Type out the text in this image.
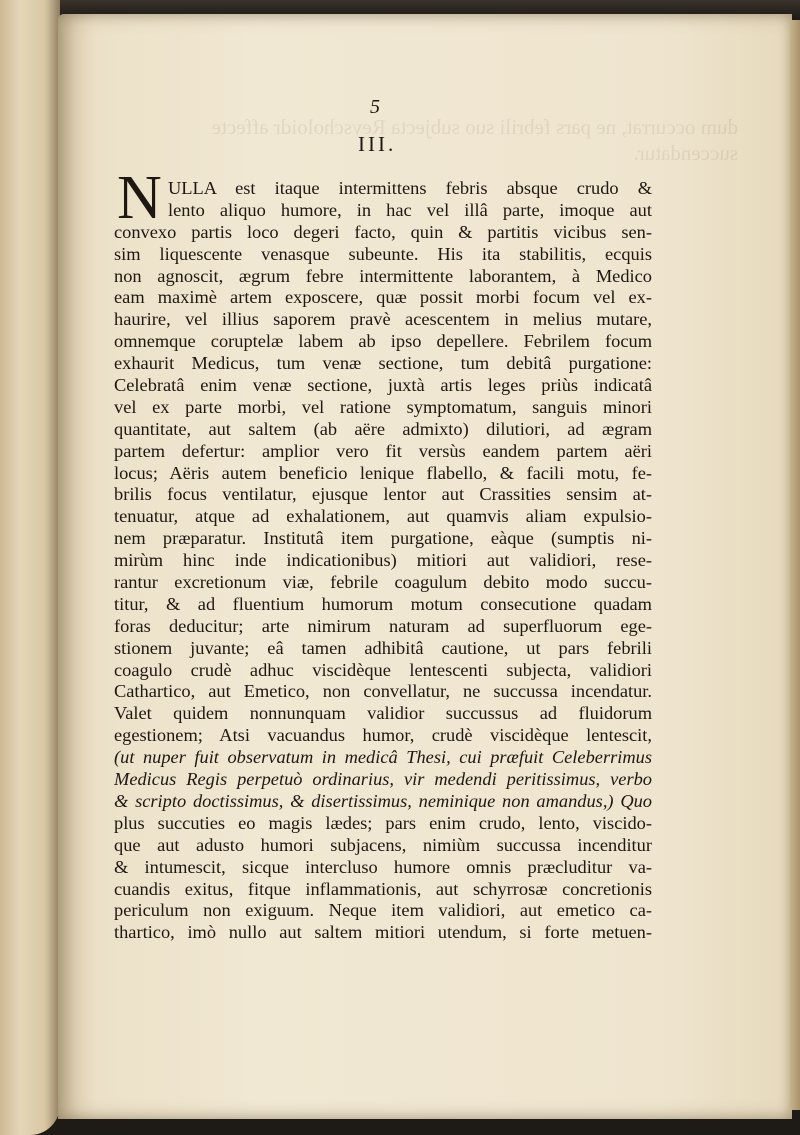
dum occurrat, ne pars febrili suo subjecta Reyscholoidr affecte
succendatur.
5
III.
N ULLA est itaque intermittens febris absque crudo &
lento aliquo humore, in hac vel illâ parte, imoque aut
convexo partis loco degeri facto, quin & partitis vicibus sen-
sim liquescente venasque subeunte. His ita stabilitis, ecquis
non agnoscit, ægrum febre intermittente laborantem, à Medico
eam maximè artem exposcere, quæ possit morbi focum vel ex-
haurire, vel illius saporem pravè acescentem in melius mutare,
omnemque coruptelæ labem ab ipso depellere. Febrilem focum
exhaurit Medicus, tum venæ sectione, tum debitâ purgatione:
Celebratâ enim venæ sectione, juxtà artis leges priùs indicatâ
vel ex parte morbi, vel ratione symptomatum, sanguis minori
quantitate, aut saltem (ab aëre admixto) dilutiori, ad ægram
partem defertur: amplior vero fit versùs eandem partem aëri
locus; Aëris autem beneficio lenique flabello, & facili motu, fe-
brilis focus ventilatur, ejusque lentor aut Crassities sensim at-
tenuatur, atque ad exhalationem, aut quamvis aliam expulsio-
nem præparatur. Institutâ item purgatione, eàque (sumptis ni-
mirùm hinc inde indicationibus) mitiori aut validiori, rese-
rantur excretionum viæ, febrile coagulum debito modo succu-
titur, & ad fluentium humorum motum consecutione quadam
foras deducitur; arte nimirum naturam ad superfluorum ege-
stionem juvante; eâ tamen adhibitâ cautione, ut pars febrili
coagulo crudè adhuc viscidèque lentescenti subjecta, validiori
Cathartico, aut Emetico, non convellatur, ne succussa incendatur.
Valet quidem nonnunquam validior succussus ad fluidorum
egestionem; Atsi vacuandus humor, crudè viscidèque lentescit,
(ut nuper fuit observatum in medicâ Thesi, cui præfuit Celeberrimus
Medicus Regis perpetuò ordinarius, vir medendi peritissimus, verbo
& scripto doctissimus, & disertissimus, neminique non amandus,) Quo
plus succuties eo magis lædes; pars enim crudo, lento, viscido-
que aut adusto humori subjacens, nimiùm succussa incenditur
& intumescit, sicque interclusо humore omnis præcluditur va-
cuandis exitus, fitque inflammationis, aut schyrrosæ concretionis
periculum non exiguum. Neque item validiori, aut emetico ca-
thartico, imò nullo aut saltem mitiori utendum, si forte metuen-
